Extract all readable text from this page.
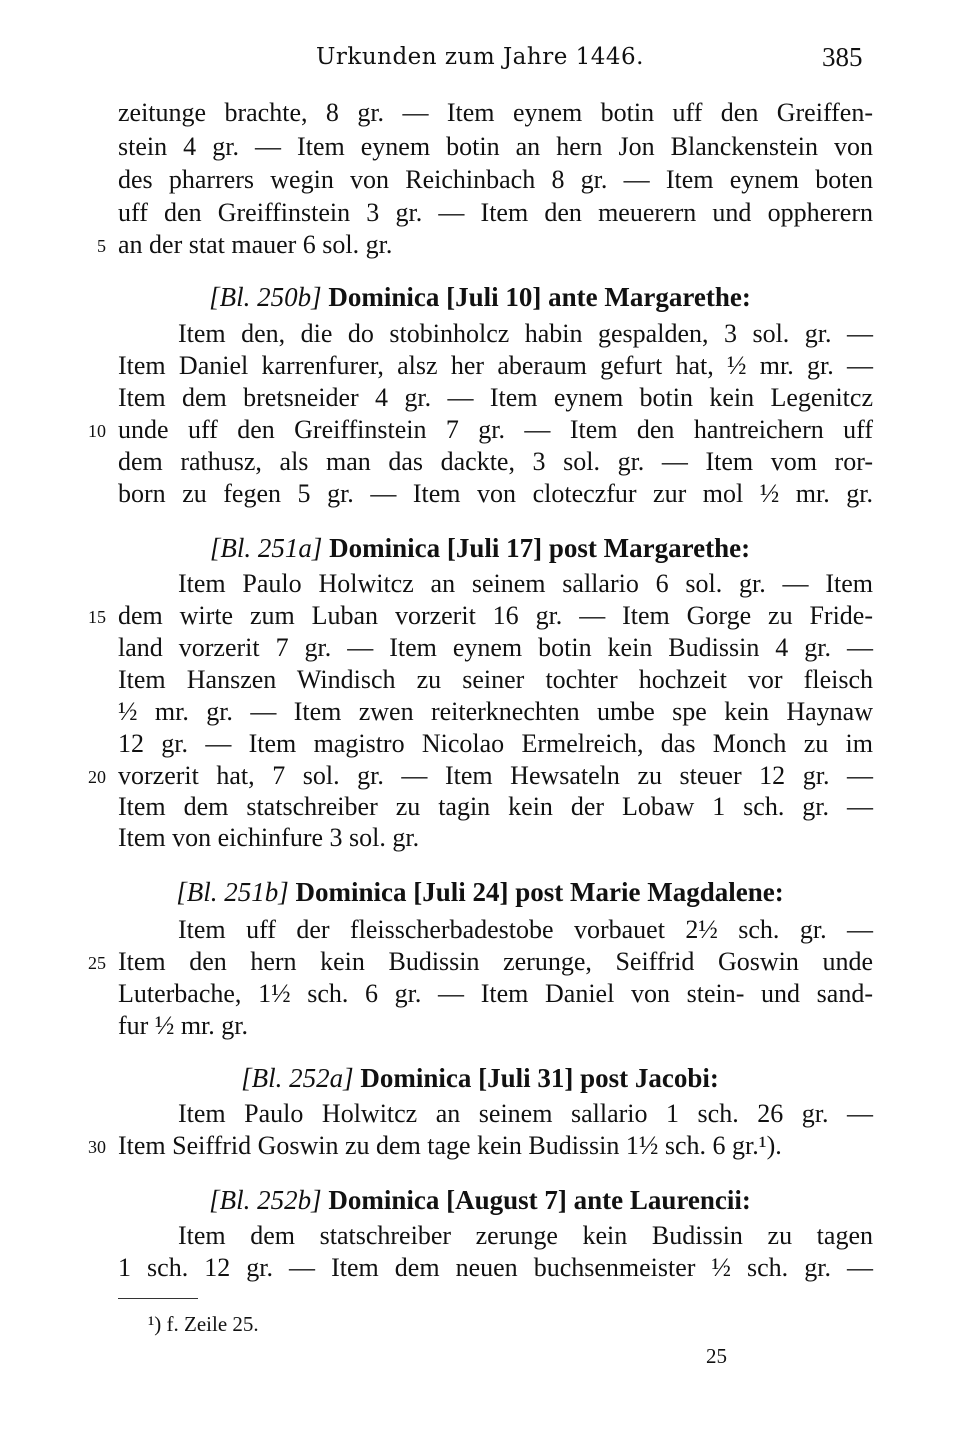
Urkunden zum Jahre 1446.	385
zeitunge brachte, 8 gr. — Item eynem botin uff den Greiffen-
stein 4 gr. — Item eynem botin an hern Jon Blanckenstein von
des pharrers wegin von Reichinbach 8 gr. — Item eynem boten
uff den Greiffinstein 3 gr. — Item den meuerern und oppherern
an der stat mauer 6 sol. gr.
[Bl. 250b] Dominica [Juli 10] ante Margarethe:
Item den, die do stobinholcz habin gespalden, 3 sol. gr. —
Item Daniel karrenfurer, alsz her aberaum gefurt hat, ½ mr. gr. —
Item dem bretsneider 4 gr. — Item eynem botin kein Legenitcz
unde uff den Greiffinstein 7 gr. — Item den hantreichern uff
dem rathusz, als man das dackte, 3 sol. gr. — Item vom ror-
born zu fegen 5 gr. — Item von cloteczfur zur mol ½ mr. gr.
[Bl. 251a] Dominica [Juli 17] post Margarethe:
Item Paulo Holwitcz an seinem sallario 6 sol. gr. — Item
dem wirte zum Luban vorzerit 16 gr. — Item Gorge zu Fride-
land vorzerit 7 gr. — Item eynem botin kein Budissin 4 gr. —
Item Hanszen Windisch zu seiner tochter hochzeit vor fleisch
½ mr. gr. — Item zwen reiterknechten umbe spe kein Haynaw
12 gr. — Item magistro Nicolao Ermelreich, das Monch zu im
vorzerit hat, 7 sol. gr. — Item Hewsateln zu steuer 12 gr. —
Item dem statschreiber zu tagin kein der Lobaw 1 sch. gr. —
Item von eichinfure 3 sol. gr.
[Bl. 251b] Dominica [Juli 24] post Marie Magdalene:
Item uff der fleisscherbadestobe vorbauet 2½ sch. gr. —
Item den hern kein Budissin zerunge, Seiffrid Goswin unde
Luterbache, 1½ sch. 6 gr. — Item Daniel von stein- und sand-
fur ½ mr. gr.
[Bl. 252a] Dominica [Juli 31] post Jacobi:
Item Paulo Holwitcz an seinem sallario 1 sch. 26 gr. —
Item Seiffrid Goswin zu dem tage kein Budissin 1½ sch. 6 gr.¹).
[Bl. 252b] Dominica [August 7] ante Laurencii:
Item dem statschreiber zerunge kein Budissin zu tagen
1 sch. 12 gr. — Item dem neuen buchsenmeister ½ sch. gr. —
5
10
15
20
25
30
¹) f. Zeile 25.
25
